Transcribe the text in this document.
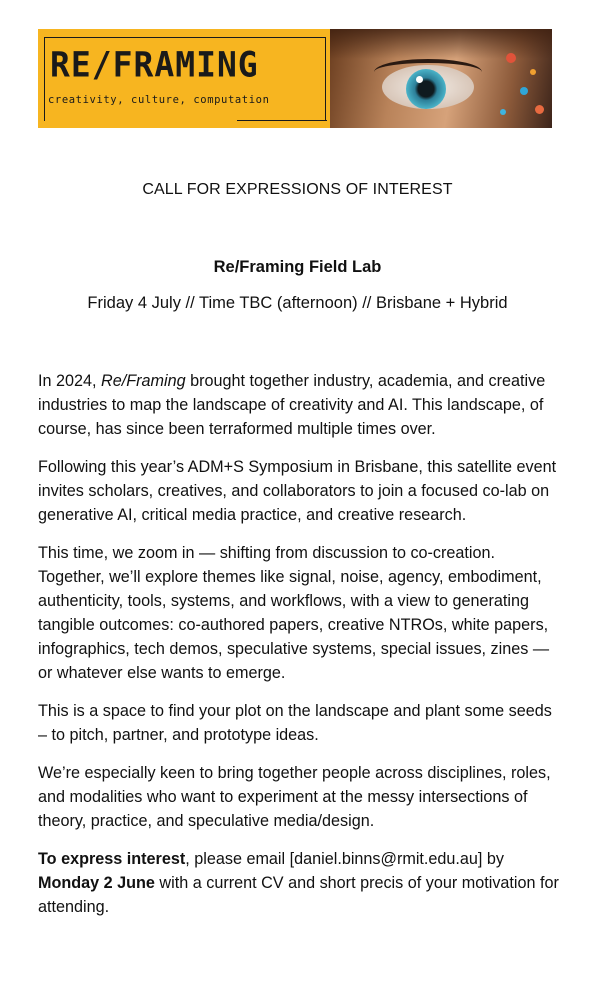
RE/FRAMING
creativity, culture, computation
CALL FOR EXPRESSIONS OF INTEREST
Re/Framing Field Lab
Friday 4 July // Time TBC (afternoon) // Brisbane + Hybrid

In 2024, Re/Framing brought together industry, academia, and creative industries to map the landscape of creativity and AI. This landscape, of course, has since been terraformed multiple times over.

Following this year’s ADM+S Symposium in Brisbane, this satellite event invites scholars, creatives, and collaborators to join a focused co-lab on generative AI, critical media practice, and creative research.

This time, we zoom in — shifting from discussion to co-creation. Together, we’ll explore themes like signal, noise, agency, embodiment, authenticity, tools, systems, and workflows, with a view to generating tangible outcomes: co-authored papers, creative NTROs, white papers, infographics, tech demos, speculative systems, special issues, zines — or whatever else wants to emerge.

This is a space to find your plot on the landscape and plant some seeds – to pitch, partner, and prototype ideas.

We’re especially keen to bring together people across disciplines, roles, and modalities who want to experiment at the messy intersections of theory, practice, and speculative media/design.

To express interest, please email [daniel.binns@rmit.edu.au] by Monday 2 June with a current CV and short precis of your motivation for attending.
